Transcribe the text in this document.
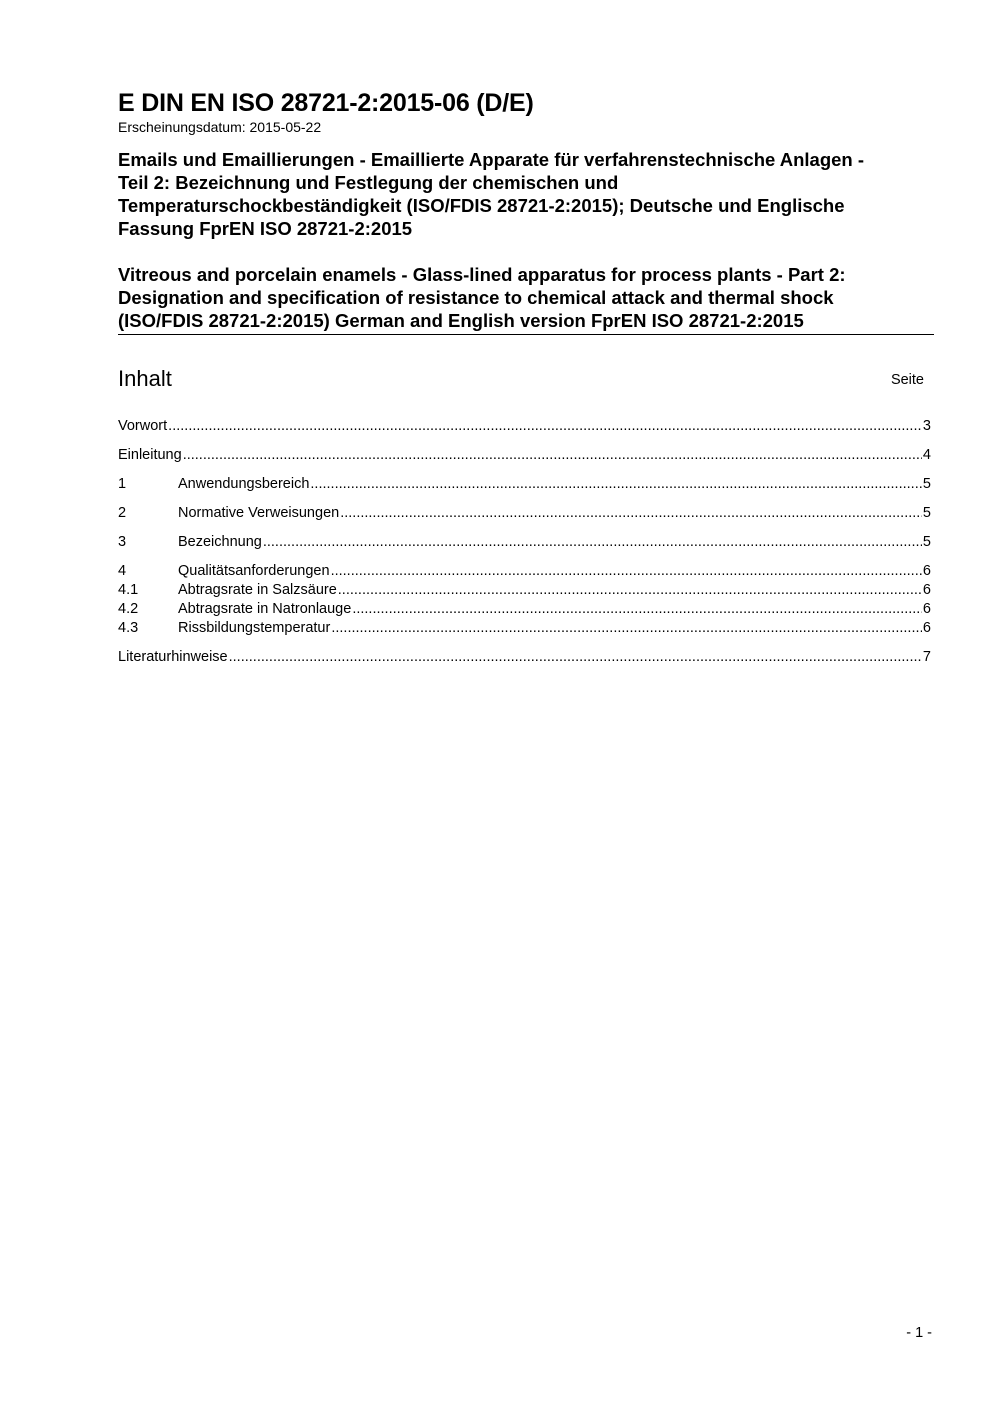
E DIN EN ISO 28721-2:2015-06 (D/E)

Erscheinungsdatum: 2015-05-22

Emails und Emaillierungen - Emaillierte Apparate für verfahrenstechnische Anlagen -
Teil 2: Bezeichnung und Festlegung der chemischen und
Temperaturschockbeständigkeit (ISO/FDIS 28721-2:2015); Deutsche und Englische
Fassung FprEN ISO 28721-2:2015

Vitreous and porcelain enamels - Glass-lined apparatus for process plants - Part 2:
Designation and specification of resistance to chemical attack and thermal shock
(ISO/FDIS 28721-2:2015) German and English version FprEN ISO 28721-2:2015

Inhalt	Seite
Vorwort .....	3
Einleitung .....	4
1	Anwendungsbereich .....	5
2	Normative Verweisungen .....	5
3	Bezeichnung .....	5
4	Qualitätsanforderungen .....	6
4.1	Abtragsrate in Salzsäure .....	6
4.2	Abtragsrate in Natronlauge .....	6
4.3	Rissbildungstemperatur .....	6
Literaturhinweise .....	7
- 1 -
